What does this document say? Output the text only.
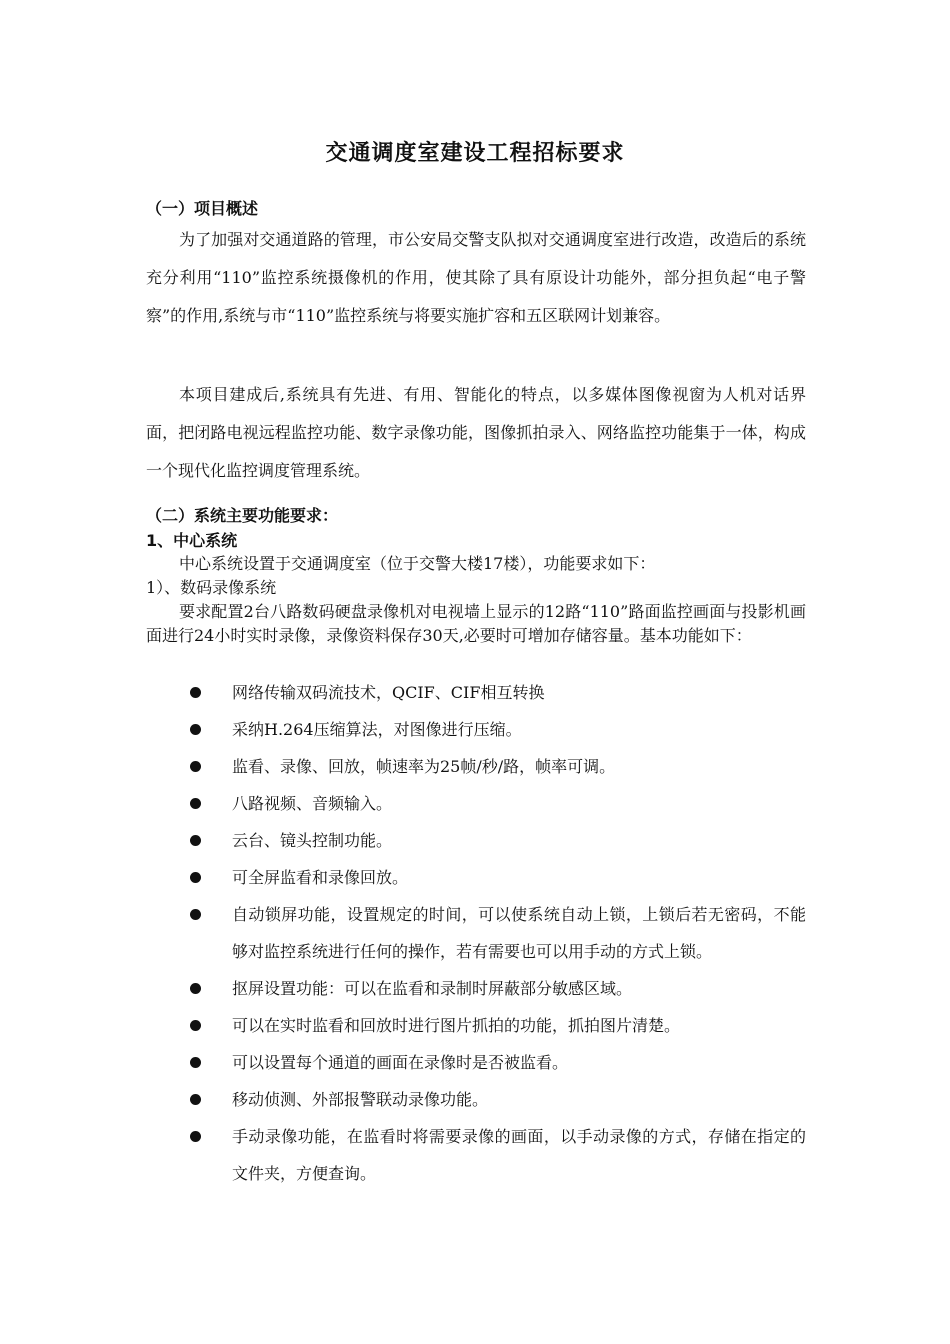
交通调度室建设工程招标要求
（一）项目概述
为了加强对交通道路的管理，市公安局交警支队拟对交通调度室进行改造，改造后的系统充分利用“110”监控系统摄像机的作用，使其除了具有原设计功能外，部分担负起“电子警察”的作用,系统与市“110”监控系统与将要实施扩容和五区联网计划兼容。
本项目建成后,系统具有先进、有用、智能化的特点，以多媒体图像视窗为人机对话界面，把闭路电视远程监控功能、数字录像功能，图像抓拍录入、网络监控功能集于一体，构成一个现代化监控调度管理系统。
（二）系统主要功能要求：
1、中心系统
中心系统设置于交通调度室（位于交警大楼17楼），功能要求如下：
1）、数码录像系统
要求配置2台八路数码硬盘录像机对电视墙上显示的12路“110”路面监控画面与投影机画面进行24小时实时录像，录像资料保存30天,必要时可增加存储容量。基本功能如下：
网络传输双码流技术，QCIF、CIF相互转换
采纳H.264压缩算法，对图像进行压缩。
监看、录像、回放，帧速率为25帧/秒/路，帧率可调。
八路视频、音频输入。
云台、镜头控制功能。
可全屏监看和录像回放。
自动锁屏功能，设置规定的时间，可以使系统自动上锁，上锁后若无密码，不能够对监控系统进行任何的操作，若有需要也可以用手动的方式上锁。
抠屏设置功能：可以在监看和录制时屏蔽部分敏感区域。
可以在实时监看和回放时进行图片抓拍的功能，抓拍图片清楚。
可以设置每个通道的画面在录像时是否被监看。
移动侦测、外部报警联动录像功能。
手动录像功能，在监看时将需要录像的画面，以手动录像的方式，存储在指定的文件夹，方便查询。
